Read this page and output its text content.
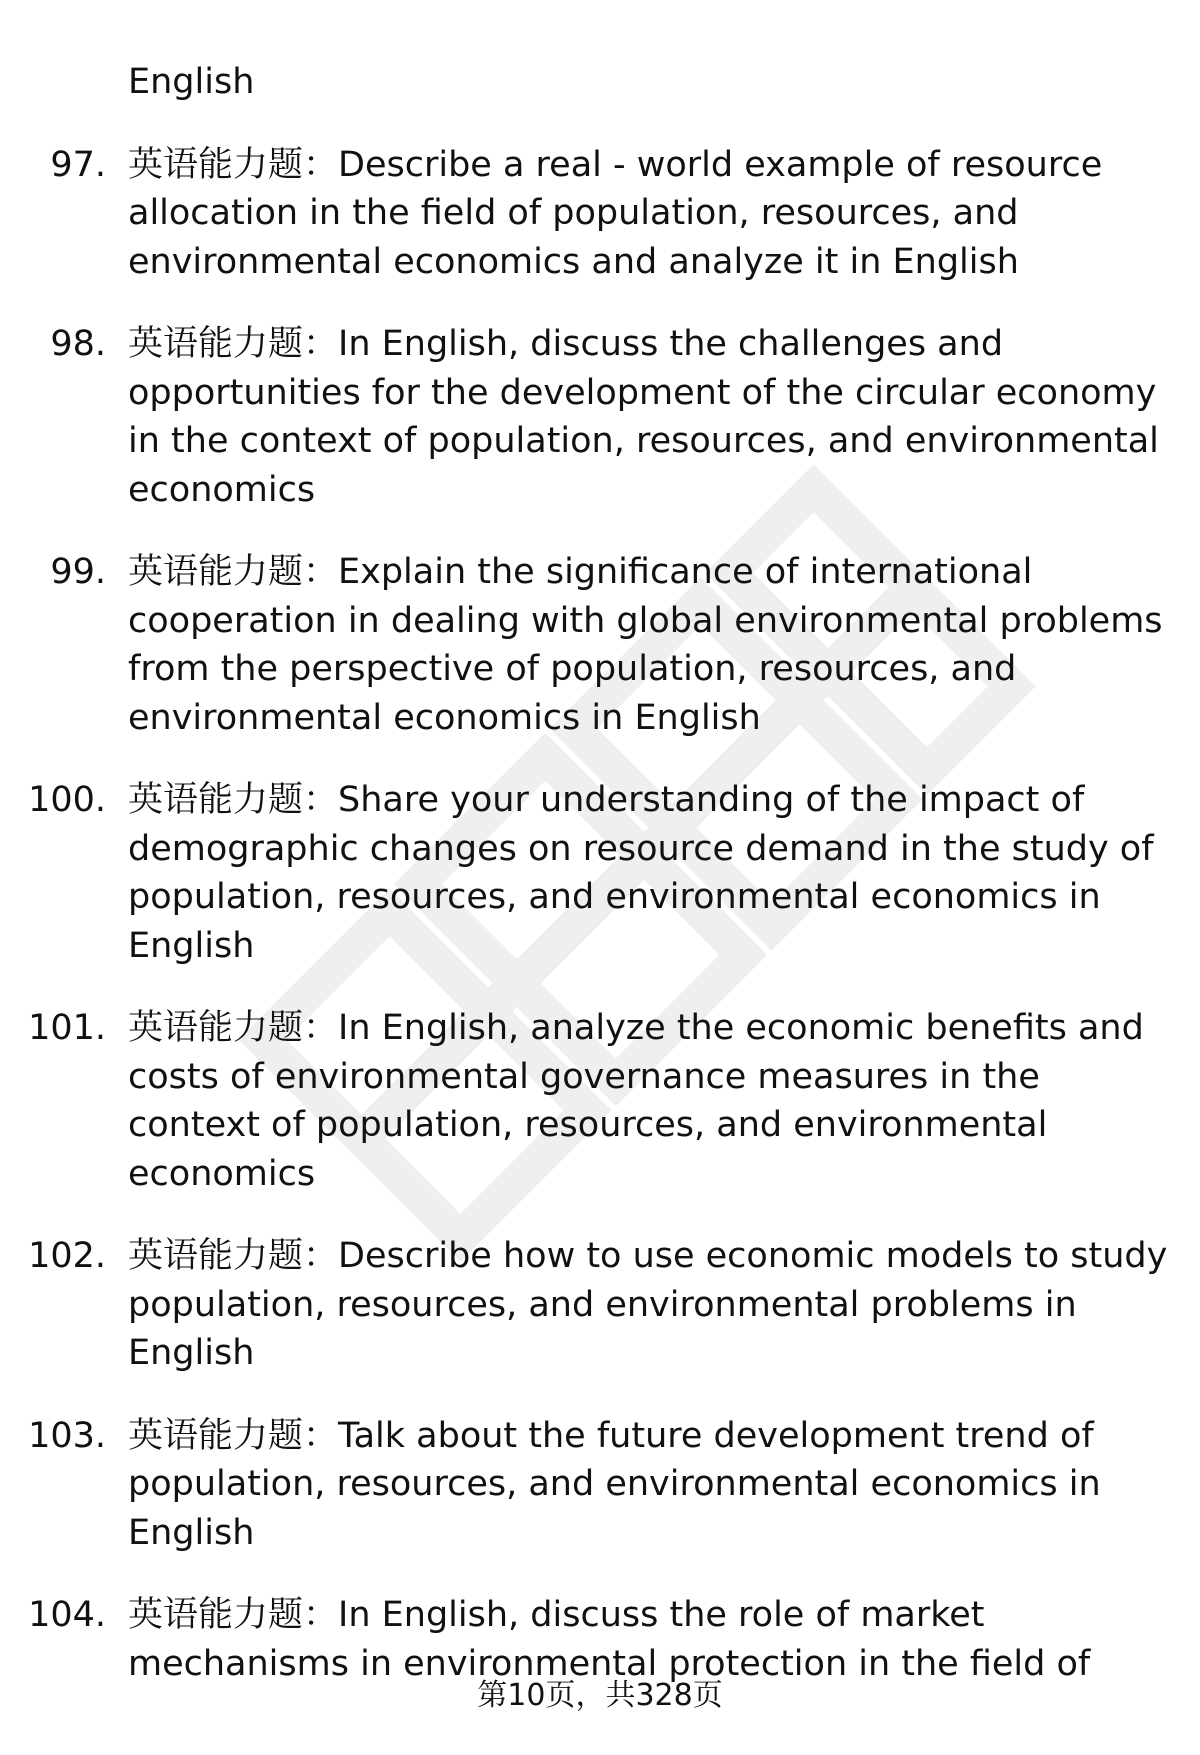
English
97. 英语能力题：Describe a real - world example of resource allocation in the field of population, resources, and environmental economics and analyze it in English
98. 英语能力题：In English, discuss the challenges and opportunities for the development of the circular economy in the context of population, resources, and environmental economics
99. 英语能力题：Explain the significance of international cooperation in dealing with global environmental problems from the perspective of population, resources, and environmental economics in English
100. 英语能力题：Share your understanding of the impact of demographic changes on resource demand in the study of population, resources, and environmental economics in English
101. 英语能力题：In English, analyze the economic benefits and costs of environmental governance measures in the context of population, resources, and environmental economics
102. 英语能力题：Describe how to use economic models to study population, resources, and environmental problems in English
103. 英语能力题：Talk about the future development trend of population, resources, and environmental economics in English
104. 英语能力题：In English, discuss the role of market mechanisms in environmental protection in the field of
第10页，共328页
